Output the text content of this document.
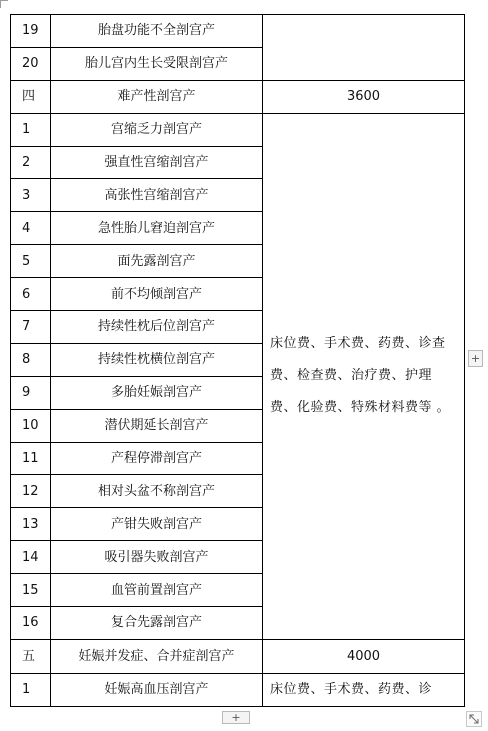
19	胎盘功能不全剖宫产	
20	胎儿宫内生长受限剖宫产	
四	难产性剖宫产	3600
1	宫缩乏力剖宫产	床位费、手术费、药费、诊查费、检查费、治疗费、护理费、化验费、特殊材料费等 。
2	强直性宫缩剖宫产	
3	高张性宫缩剖宫产	
4	急性胎儿窘迫剖宫产	
5	面先露剖宫产	
6	前不均倾剖宫产	
7	持续性枕后位剖宫产	
8	持续性枕横位剖宫产	
9	多胎妊娠剖宫产	
10	潜伏期延长剖宫产	
11	产程停滞剖宫产	
12	相对头盆不称剖宫产	
13	产钳失败剖宫产	
14	吸引器失败剖宫产	
15	血管前置剖宫产	
16	复合先露剖宫产	
五	妊娠并发症、合并症剖宫产	4000
1	妊娠高血压剖宫产	床位费、手术费、药费、诊
+
+
